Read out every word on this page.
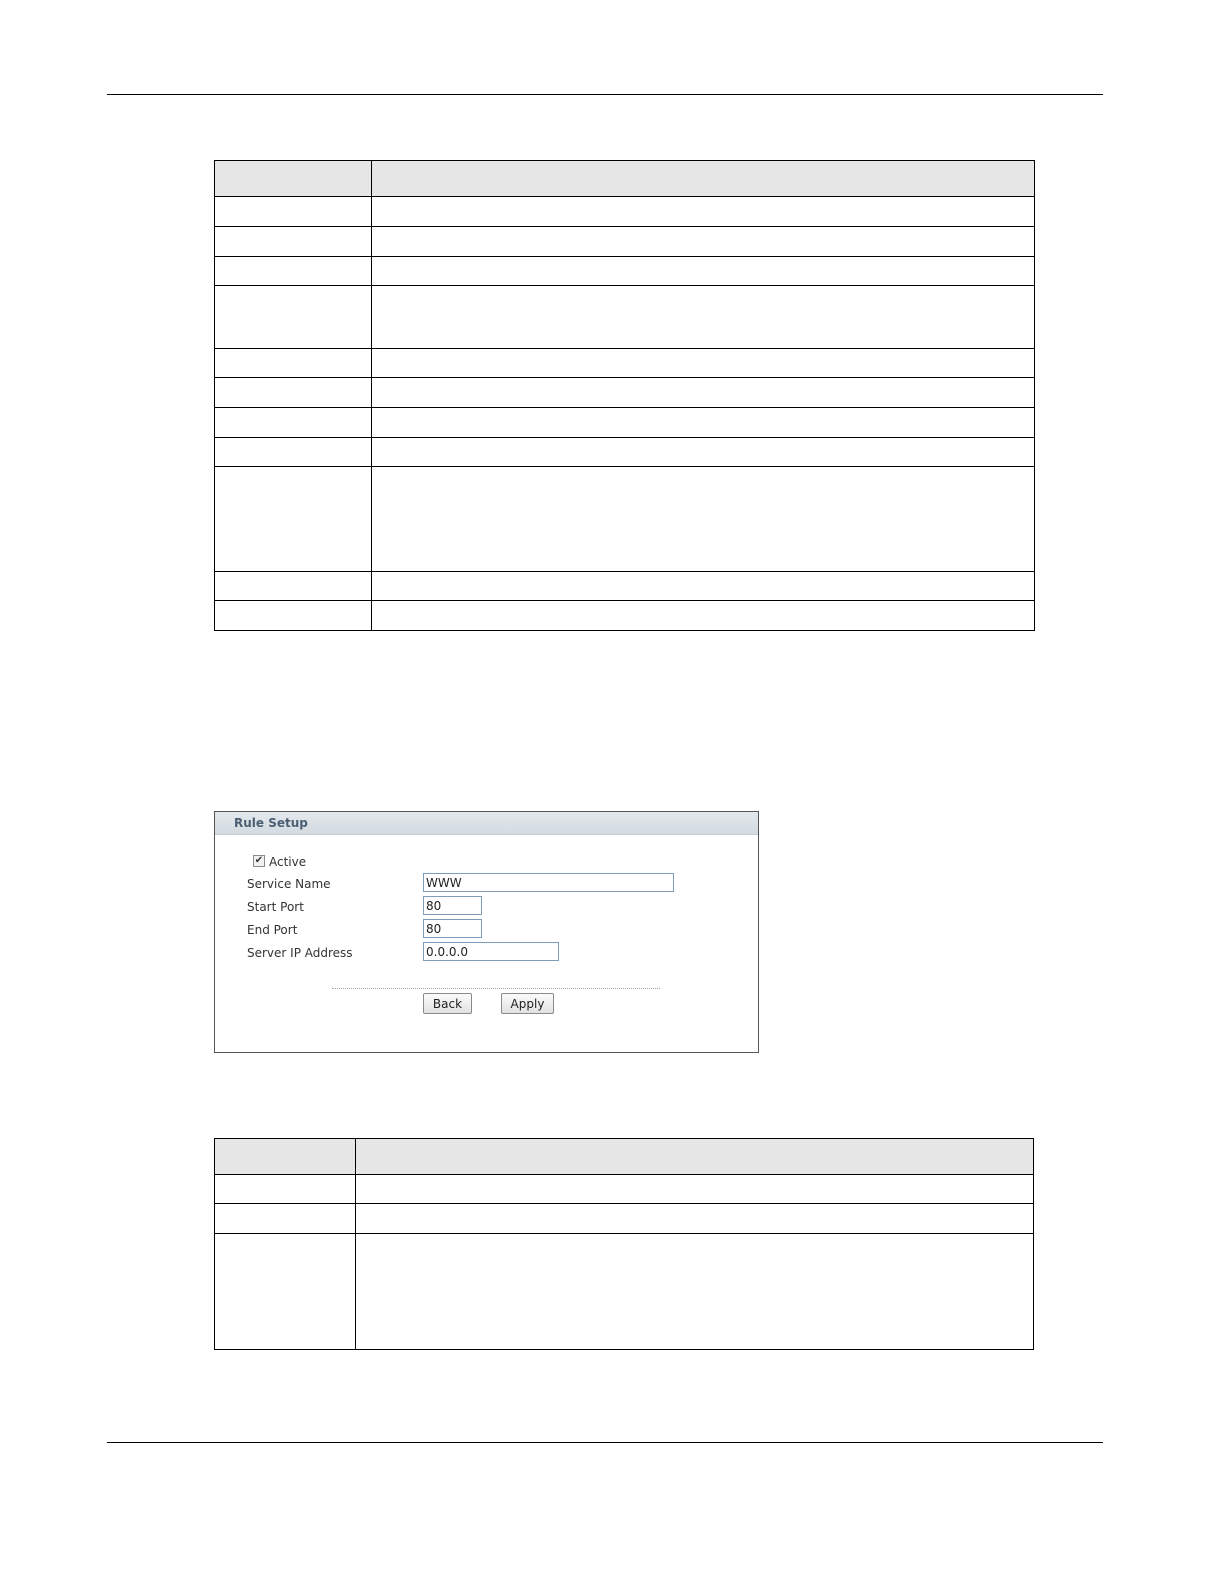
Rule Setup
✔ Active
Service Name
WWW
Start Port
80
End Port
80
Server IP Address
0.0.0.0
Back	Apply
